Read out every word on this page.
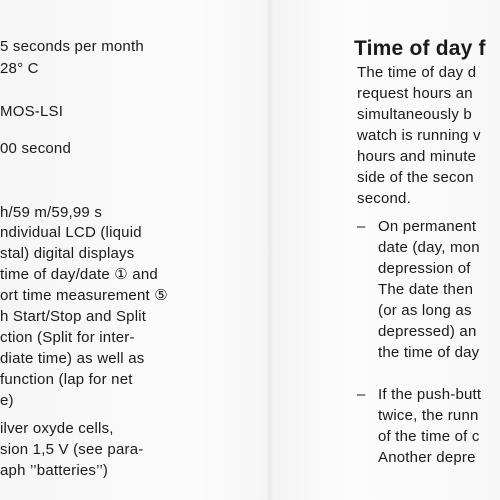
5 seconds per month
28° C
MOS-LSI
00 second
h/59 m/59,99 s
ndividual LCD (liquid
stal) digital displays
time of day/date ① and
ort time measurement ⑤
h Start/Stop and Split
ction (Split for inter-
diate time) as well as
function (lap for net
e)
ilver oxyde cells,
sion 1,5 V (see para-
aph ’’batteries’’)
Time of day f
The time of day d
request hours an
simultaneously b
watch is running v
hours and minute
side of the secon
second.
– On permanent
date (day, mon
depression of
The date then
(or as long as
depressed) an
the time of day
– If the push-butt
twice, the runn
of the time of c
Another depre
